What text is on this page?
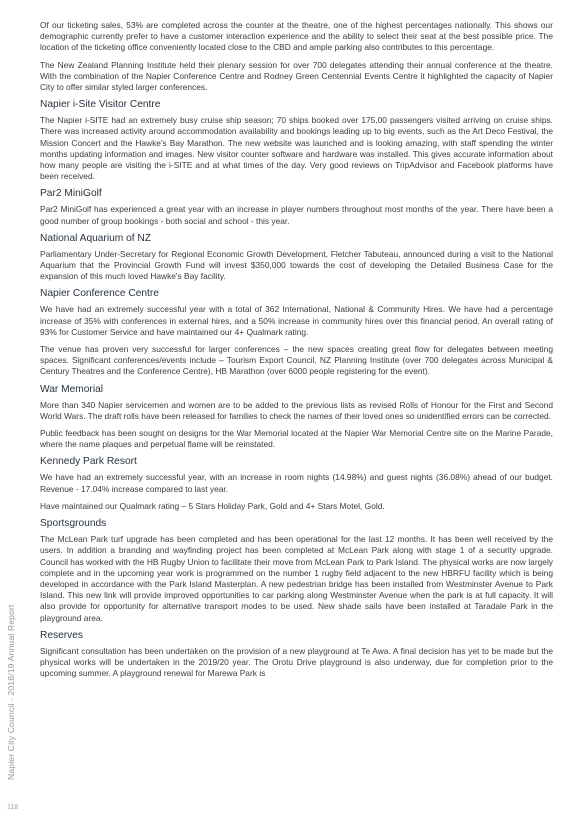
Of our ticketing sales, 53% are completed across the counter at the theatre, one of the highest percentages nationally. This shows our demographic currently prefer to have a customer interaction experience and the ability to select their seat at the best possible price. The location of the ticketing office conveniently located close to the CBD and ample parking also contributes to this percentage.

The New Zealand Planning Institute held their plenary session for over 700 delegates attending their annual conference at the theatre. With the combination of the Napier Conference Centre and Rodney Green Centennial Events Centre it highlighted the capacity of Napier City to offer similar styled larger conferences.

Napier i-Site Visitor Centre

The Napier i-SITE had an extremely busy cruise ship season; 70 ships booked over 175,00 passengers visited arriving on cruise ships. There was increased activity around accommodation availability and bookings leading up to big events, such as the Art Deco Festival, the Mission Concert and the Hawke's Bay Marathon. The new website was launched and is looking amazing, with staff spending the winter months updating information and images. New visitor counter software and hardware was installed. This gives accurate information about how many people are visiting the i-SITE and at what times of the day. Very good reviews on TripAdvisor and Facebook platforms have been received.

Par2 MiniGolf

Par2 MiniGolf has experienced a great year with an increase in player numbers throughout most months of the year. There have been a good number of group bookings - both social and school - this year.

National Aquarium of NZ

Parliamentary Under-Secretary for Regional Economic Growth Development, Fletcher Tabuteau, announced during a visit to the National Aquarium that the Provincial Growth Fund will invest $350,000 towards the cost of developing the Detailed Business Case for the expansion of this much loved Hawke's Bay facility.

Napier Conference Centre

We have had an extremely successful year with a total of 362 International, National & Community Hires. We have had a percentage increase of 35% with conferences in external hires, and a 50% increase in community hires over this financial period. An overall rating of 93% for Customer Service and have maintained our 4+ Qualmark rating.

The venue has proven very successful for larger conferences – the new spaces creating great flow for delegates between meeting spaces. Significant conferences/events include – Tourism Export Council, NZ Planning Institute (over 700 delegates across Municipal & Century Theatres and the Conference Centre), HB Marathon (over 6000 people registering for the event).

War Memorial

More than 340 Napier servicemen and women are to be added to the previous lists as revised Rolls of Honour for the First and Second World Wars. The draft rolls have been released for families to check the names of their loved ones so unidentified errors can be corrected.

Public feedback has been sought on designs for the War Memorial located at the Napier War Memorial Centre site on the Marine Parade, where the name plaques and perpetual flame will be reinstated.

Kennedy Park Resort

We have had an extremely successful year, with an increase in room nights (14.98%) and guest nights (36.08%) ahead of our budget. Revenue - 17.04% increase compared to last year.

Have maintained our Qualmark rating – 5 Stars Holiday Park, Gold and 4+ Stars Motel, Gold.

Sportsgrounds

The McLean Park turf upgrade has been completed and has been operational for the last 12 months. It has been well received by the users. In addition a branding and wayfinding project has been completed at McLean Park along with stage 1 of a security upgrade. Council has worked with the HB Rugby Union to facilitate their move from McLean Park to Park Island. The physical works are now largely complete and in the upcoming year work is programmed on the number 1 rugby field adjacent to the new HBRFU facility which is being developed in accordance with the Park Island Masterplan. A new pedestrian bridge has been installed from Westminster Avenue to Park Island. This new link will provide improved opportunities to car parking along Westminster Avenue when the park is at full capacity. It will also provide for opportunity for alternative transport modes to be used. New shade sails have been installed at Taradale Park in the playground area.

Reserves

Significant consultation has been undertaken on the provision of a new playground at Te Awa. A final decision has yet to be made but the physical works will be undertaken in the 2019/20 year. The Orotu Drive playground is also underway, due for completion prior to the upcoming summer. A playground renewal for Marewa Park is

Napier City Council - 2018/19 Annual Report
118
